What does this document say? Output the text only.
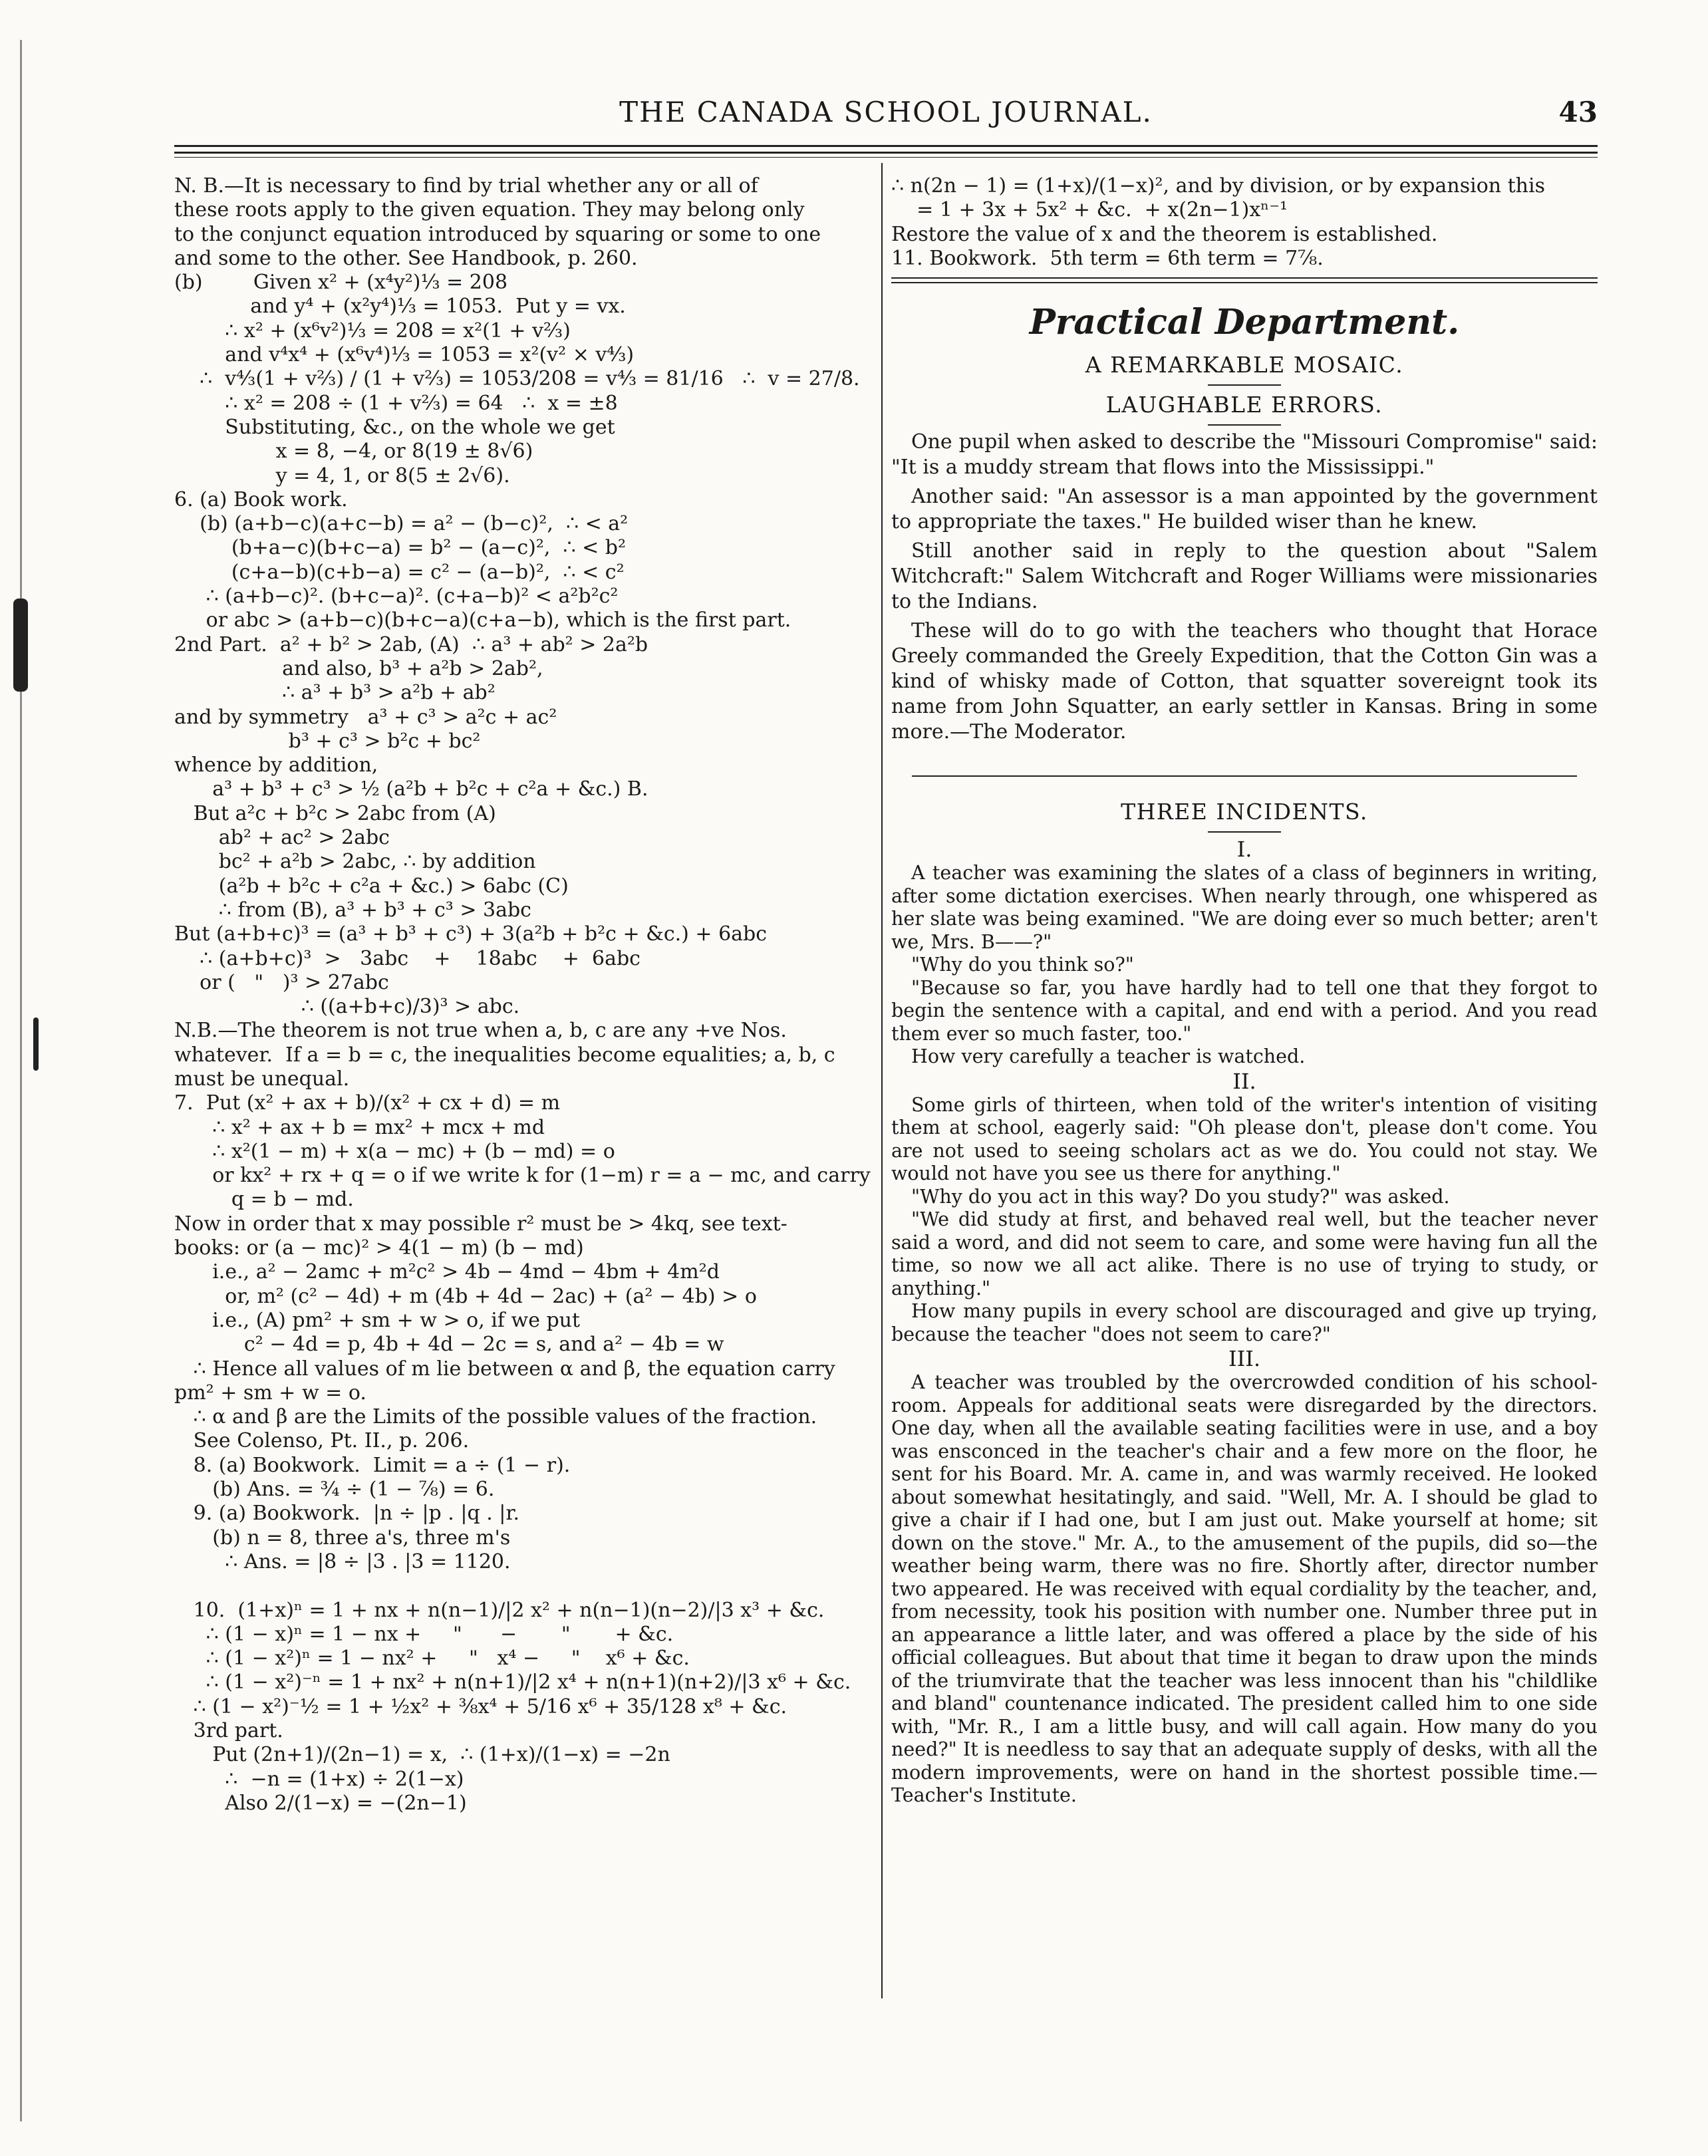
THE CANADA SCHOOL JOURNAL.	43
N. B.—It is necessary to find by trial whether any or all of
these roots apply to the given equation. They may belong only
to the conjunct equation introduced by squaring or some to one
and some to the other. See Handbook, p. 260.
(b)        Given x² + (x⁴y²)⅓ = 208
and y⁴ + (x²y⁴)⅓ = 1053.  Put y = vx.
∴ x² + (x⁶v²)⅓ = 208 = x²(1 + v⅔)
and v⁴x⁴ + (x⁶v⁴)⅓ = 1053 = x²(v² × v⁴⁄₃)
∴  v⁴⁄₃(1 + v⅔) / (1 + v⅔) = 1053/208 = v⁴⁄₃ = 81/16   ∴  v = 27/8.
∴ x² = 208 ÷ (1 + v⅔) = 64   ∴  x = ±8
Substituting, &c., on the whole we get
x = 8, −4, or 8(19 ± 8√6)
y = 4, 1, or 8(5 ± 2√6).
6. (a) Book work.
(b) (a+b−c)(a+c−b) = a² − (b−c)²,  ∴ < a²
(b+a−c)(b+c−a) = b² − (a−c)²,  ∴ < b²
(c+a−b)(c+b−a) = c² − (a−b)²,  ∴ < c²
∴ (a+b−c)². (b+c−a)². (c+a−b)² < a²b²c²
or abc > (a+b−c)(b+c−a)(c+a−b), which is the first part.
2nd Part.  a² + b² > 2ab, (A)  ∴ a³ + ab² > 2a²b
and also, b³ + a²b > 2ab²,
∴ a³ + b³ > a²b + ab²
and by symmetry   a³ + c³ > a²c + ac²
b³ + c³ > b²c + bc²
whence by addition,
a³ + b³ + c³ > ½ (a²b + b²c + c²a + &c.) B.
But a²c + b²c > 2abc from (A)
ab² + ac² > 2abc
bc² + a²b > 2abc, ∴ by addition
(a²b + b²c + c²a + &c.) > 6abc (C)
∴ from (B), a³ + b³ + c³ > 3abc
But (a+b+c)³ = (a³ + b³ + c³) + 3(a²b + b²c + &c.) + 6abc
∴ (a+b+c)³  >   3abc    +    18abc    +  6abc
or (   "   )³ > 27abc
∴ ((a+b+c)/3)³ > abc.
N.B.—The theorem is not true when a, b, c are any +ve Nos.
whatever.  If a = b = c, the inequalities become equalities; a, b, c
must be unequal.
7.  Put (x² + ax + b)/(x² + cx + d) = m
∴ x² + ax + b = mx² + mcx + md
∴ x²(1 − m) + x(a − mc) + (b − md) = o
or kx² + rx + q = o if we write k for (1−m) r = a − mc, and carry
q = b − md.
Now in order that x may possible r² must be > 4kq, see text-
books: or (a − mc)² > 4(1 − m) (b − md)
i.e., a² − 2amc + m²c² > 4b − 4md − 4bm + 4m²d
or, m² (c² − 4d) + m (4b + 4d − 2ac) + (a² − 4b) > o
i.e., (A) pm² + sm + w > o, if we put
c² − 4d = p, 4b + 4d − 2c = s, and a² − 4b = w
∴ Hence all values of m lie between α and β, the equation carry
pm² + sm + w = o.
∴ α and β are the Limits of the possible values of the fraction.
See Colenso, Pt. II., p. 206.
8. (a) Bookwork.  Limit = a ÷ (1 − r).
(b) Ans. = ¾ ÷ (1 − ⅞) = 6.
9. (a) Bookwork.  |n ÷ |p . |q . |r.
(b) n = 8, three a's, three m's
∴ Ans. = |8 ÷ |3 . |3 = 1120.
10.  (1+x)ⁿ = 1 + nx + n(n−1)/|2 x² + n(n−1)(n−2)/|3 x³ + &c.
∴ (1 − x)ⁿ = 1 − nx +     "      −       "       + &c.
∴ (1 − x²)ⁿ = 1 − nx² +     "   x⁴ −     "    x⁶ + &c.
∴ (1 − x²)⁻ⁿ = 1 + nx² + n(n+1)/|2 x⁴ + n(n+1)(n+2)/|3 x⁶ + &c.
∴ (1 − x²)⁻½ = 1 + ½x² + ⅜x⁴ + 5/16 x⁶ + 35/128 x⁸ + &c.
3rd part.
Put (2n+1)/(2n−1) = x,  ∴ (1+x)/(1−x) = −2n
∴  −n = (1+x) ÷ 2(1−x)
Also 2/(1−x) = −(2n−1)
∴ n(2n − 1) = (1+x)/(1−x)², and by division, or by expansion this
= 1 + 3x + 5x² + &c.  + x(2n−1)xⁿ⁻¹
Restore the value of x and the theorem is established.
11. Bookwork.  5th term = 6th term = 7⅞.
Practical Department.
A REMARKABLE MOSAIC.
LAUGHABLE ERRORS.

One pupil when asked to describe the "Missouri Compromise" said: "It is a muddy stream that flows into the Mississippi."

Another said: "An assessor is a man appointed by the government to appropriate the taxes." He builded wiser than he knew.

Still another said in reply to the question about "Salem Witchcraft:" Salem Witchcraft and Roger Williams were missionaries to the Indians.

These will do to go with the teachers who thought that Horace Greely commanded the Greely Expedition, that the Cotton Gin was a kind of whisky made of Cotton, that squatter sovereignt took its name from John Squatter, an early settler in Kansas. Bring in some more.—The Moderator.

THREE INCIDENTS.
I.

A teacher was examining the slates of a class of beginners in writing, after some dictation exercises. When nearly through, one whispered as her slate was being examined. "We are doing ever so much better; aren't we, Mrs. B——?"

"Why do you think so?"

"Because so far, you have hardly had to tell one that they forgot to begin the sentence with a capital, and end with a period. And you read them ever so much faster, too."

How very carefully a teacher is watched.

II.

Some girls of thirteen, when told of the writer's intention of visiting them at school, eagerly said: "Oh please don't, please don't come. You are not used to seeing scholars act as we do. You could not stay. We would not have you see us there for anything."

"Why do you act in this way? Do you study?" was asked.

"We did study at first, and behaved real well, but the teacher never said a word, and did not seem to care, and some were having fun all the time, so now we all act alike. There is no use of trying to study, or anything."

How many pupils in every school are discouraged and give up trying, because the teacher "does not seem to care?"

III.

A teacher was troubled by the overcrowded condition of his school-room. Appeals for additional seats were disregarded by the directors. One day, when all the available seating facilities were in use, and a boy was ensconced in the teacher's chair and a few more on the floor, he sent for his Board. Mr. A. came in, and was warmly received. He looked about somewhat hesitatingly, and said. "Well, Mr. A. I should be glad to give a chair if I had one, but I am just out. Make yourself at home; sit down on the stove." Mr. A., to the amusement of the pupils, did so—the weather being warm, there was no fire. Shortly after, director number two appeared. He was received with equal cordiality by the teacher, and, from necessity, took his position with number one. Number three put in an appearance a little later, and was offered a place by the side of his official colleagues. But about that time it began to draw upon the minds of the triumvirate that the teacher was less innocent than his "childlike and bland" countenance indicated. The president called him to one side with, "Mr. R., I am a little busy, and will call again. How many do you need?" It is needless to say that an adequate supply of desks, with all the modern improvements, were on hand in the shortest possible time.—Teacher's Institute.
